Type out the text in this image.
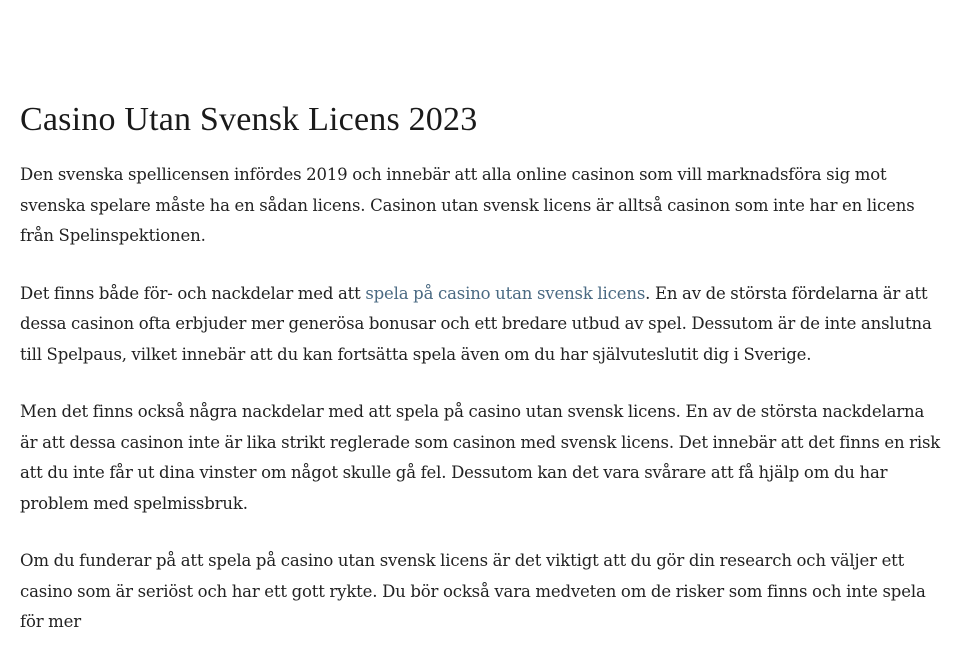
Casino Utan Svensk Licens 2023

Den svenska spellicensen infördes 2019 och innebär att alla online casinon som vill marknadsföra sig mot svenska spelare måste ha en sådan licens. Casinon utan svensk licens är alltså casinon som inte har en licens från Spelinspektionen.

Det finns både för- och nackdelar med att spela på casino utan svensk licens. En av de största fördelarna är att dessa casinon ofta erbjuder mer generösa bonusar och ett bredare utbud av spel. Dessutom är de inte anslutna till Spelpaus, vilket innebär att du kan fortsätta spela även om du har självuteslutit dig i Sverige.

Men det finns också några nackdelar med att spela på casino utan svensk licens. En av de största nackdelarna är att dessa casinon inte är lika strikt reglerade som casinon med svensk licens. Det innebär att det finns en risk att du inte får ut dina vinster om något skulle gå fel. Dessutom kan det vara svårare att få hjälp om du har problem med spelmissbruk.

Om du funderar på att spela på casino utan svensk licens är det viktigt att du gör din research och väljer ett casino som är seriöst och har ett gott rykte. Du bör också vara medveten om de risker som finns och inte spela för mer
